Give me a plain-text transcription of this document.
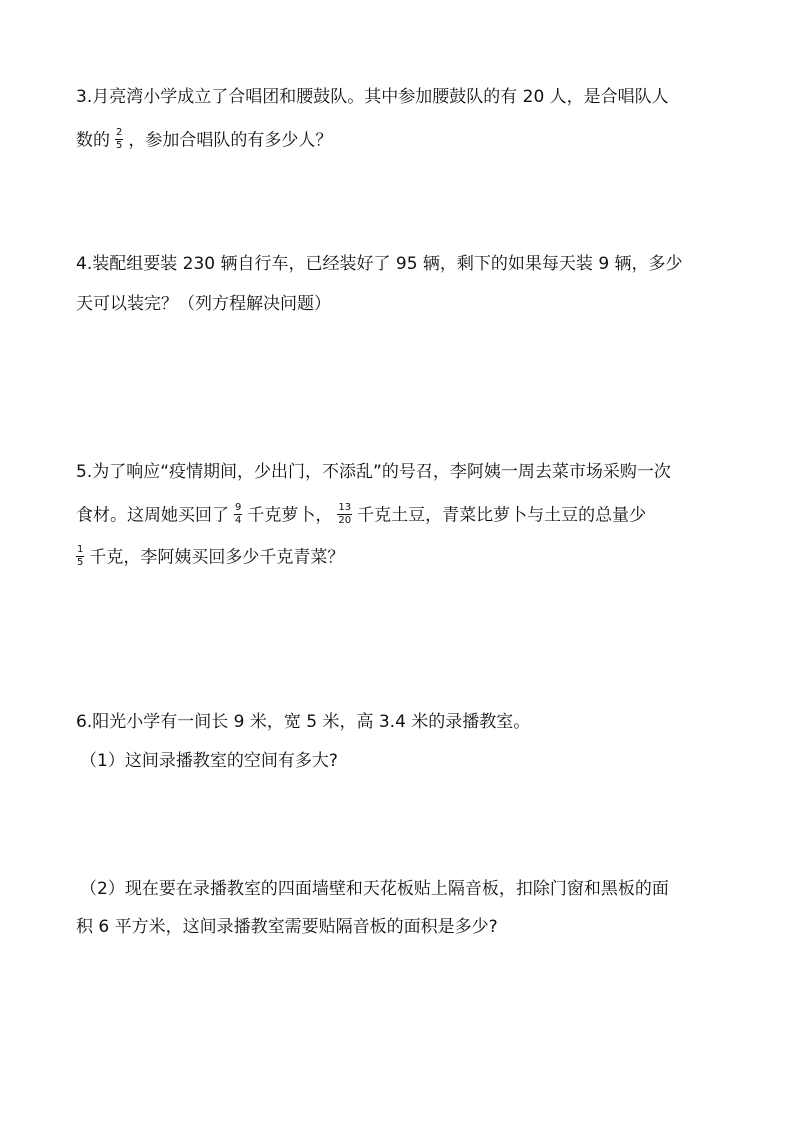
3.月亮湾小学成立了合唱团和腰鼓队。其中参加腰鼓队的有 20 人，是合唱队人
数的 $\frac{2}{5}$ ，参加合唱队的有多少人？
4.装配组要装 230 辆自行车，已经装好了 95 辆，剩下的如果每天装 9 辆，多少
天可以装完？（列方程解决问题）
5.为了响应“疫情期间，少出门，不添乱”的号召，李阿姨一周去菜市场采购一次
食材。这周她买回了 $\frac{9}{4}$ 千克萝卜， $\frac{13}{20}$ 千克土豆，青菜比萝卜与土豆的总量少
$\frac{1}{5}$ 千克，李阿姨买回多少千克青菜？
6.阳光小学有一间长 9 米，宽 5 米，高 3.4 米的录播教室。
（1）这间录播教室的空间有多大?
（2）现在要在录播教室的四面墙壁和天花板贴上隔音板，扣除门窗和黑板的面
积 6 平方米，这间录播教室需要贴隔音板的面积是多少?
